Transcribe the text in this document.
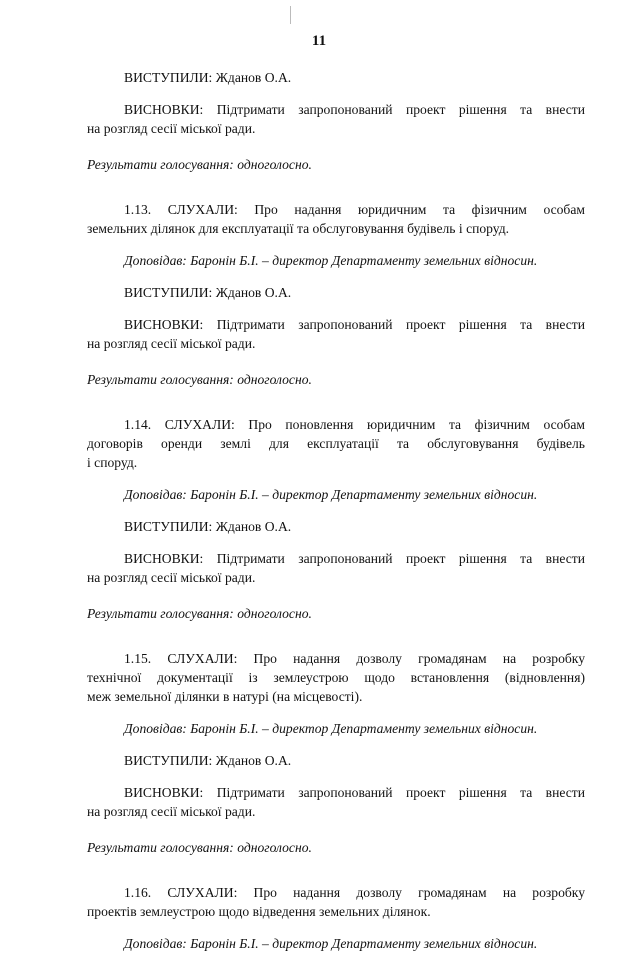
11
ВИСТУПИЛИ: Жданов О.А.
ВИСНОВКИ: Підтримати запропонований проект рішення та внести
на розгляд сесії міської ради.
Результати голосування: одноголосно.
1.13. СЛУХАЛИ: Про надання юридичним та фізичним особам
земельних ділянок для експлуатації та обслуговування будівель і споруд.
Доповідав: Баронін Б.І. – директор Департаменту земельних відносин.
ВИСТУПИЛИ: Жданов О.А.
ВИСНОВКИ: Підтримати запропонований проект рішення та внести
на розгляд сесії міської ради.
Результати голосування: одноголосно.
1.14. СЛУХАЛИ: Про поновлення юридичним та фізичним особам
договорів оренди землі для експлуатації та обслуговування будівель
і споруд.
Доповідав: Баронін Б.І. – директор Департаменту земельних відносин.
ВИСТУПИЛИ: Жданов О.А.
ВИСНОВКИ: Підтримати запропонований проект рішення та внести
на розгляд сесії міської ради.
Результати голосування: одноголосно.
1.15. СЛУХАЛИ: Про надання дозволу громадянам на розробку
технічної документації із землеустрою щодо встановлення (відновлення)
меж земельної ділянки в натурі (на місцевості).
Доповідав: Баронін Б.І. – директор Департаменту земельних відносин.
ВИСТУПИЛИ: Жданов О.А.
ВИСНОВКИ: Підтримати запропонований проект рішення та внести
на розгляд сесії міської ради.
Результати голосування: одноголосно.
1.16. СЛУХАЛИ: Про надання дозволу громадянам на розробку
проектів землеустрою щодо відведення земельних ділянок.
Доповідав: Баронін Б.І. – директор Департаменту земельних відносин.
